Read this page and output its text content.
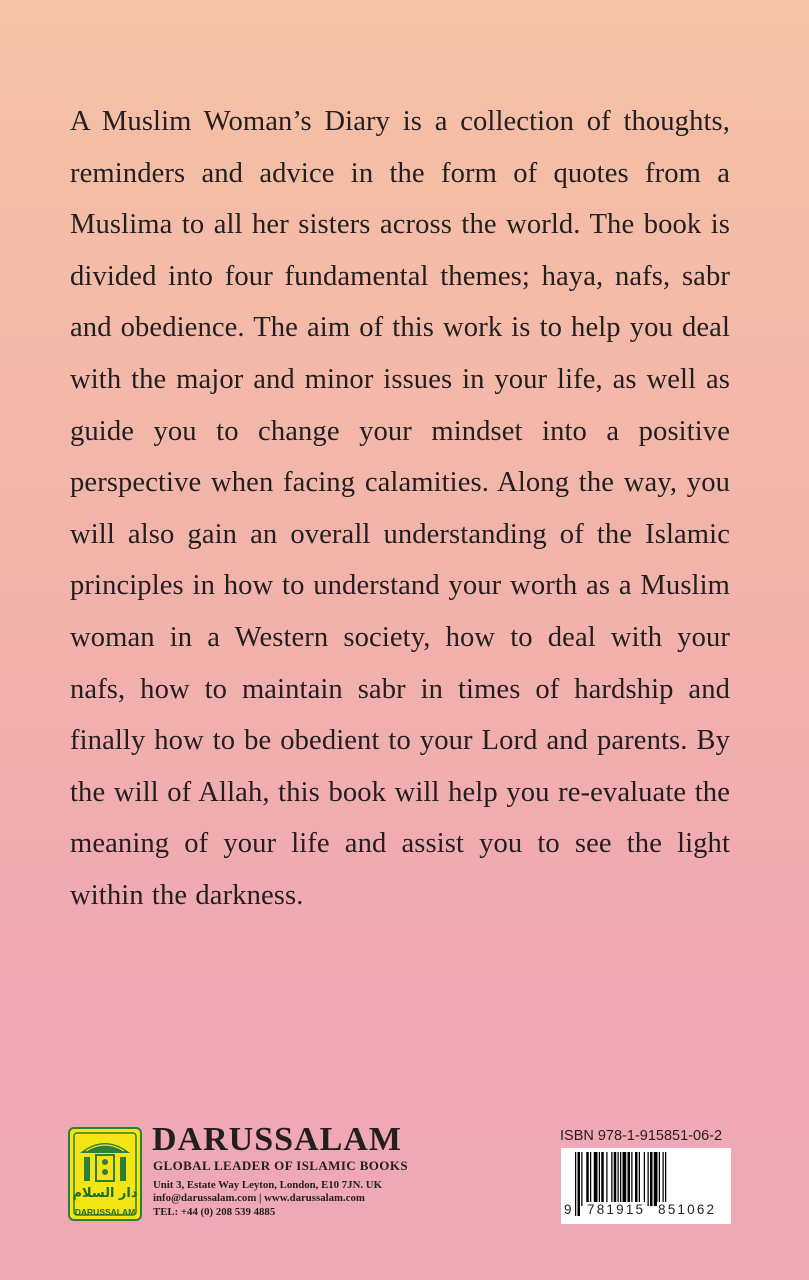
A Muslim Woman’s Diary is a collection of thoughts, reminders and advice in the form of quotes from a Muslima to all her sisters across the world. The book is divided into four fundamental themes; haya, nafs, sabr and obedience. The aim of this work is to help you deal with the major and minor issues in your life, as well as guide you to change your mindset into a positive perspective when facing calamities. Along the way, you will also gain an overall understanding of the Islamic principles in how to understand your worth as a Muslim woman in a Western society, how to deal with your nafs, how to maintain sabr in times of hardship and finally how to be obedient to your Lord and parents. By the will of Allah, this book will help you re-evaluate the meaning of your life and assist you to see the light within the darkness.

دار السلام
DARUSSALAM
DARUSSALAM
GLOBAL LEADER OF ISLAMIC BOOKS
Unit 3, Estate Way Leyton, London, E10 7JN. UK
info@darussalam.com | www.darussalam.com
TEL: +44 (0) 208 539 4885
ISBN 978-1-915851-06-2
9 781915 851062
